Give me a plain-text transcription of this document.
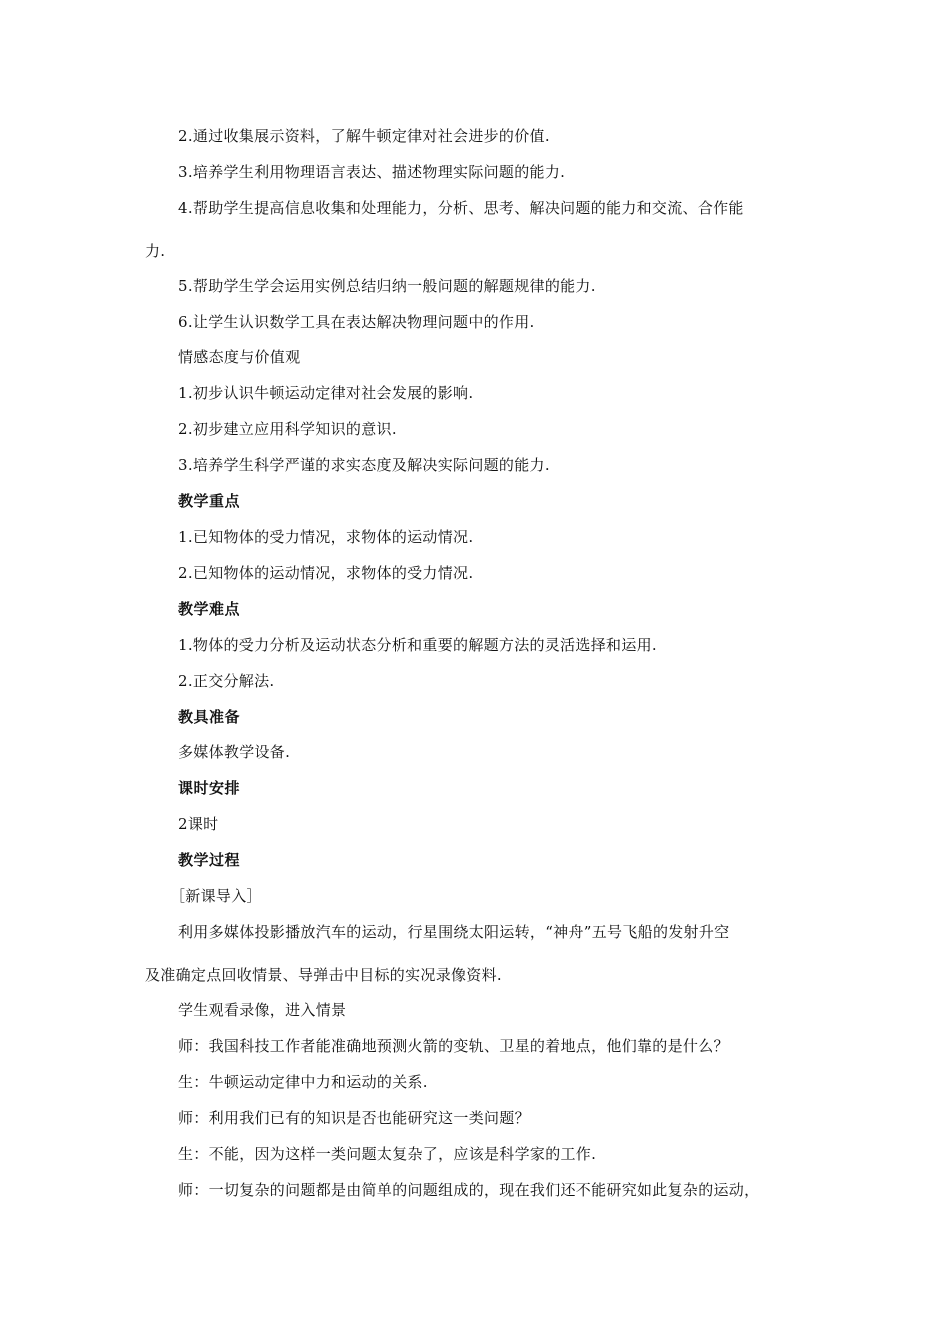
2.通过收集展示资料，了解牛顿定律对社会进步的价值.
3.培养学生利用物理语言表达、描述物理实际问题的能力.
4.帮助学生提高信息收集和处理能力，分析、思考、解决问题的能力和交流、合作能
力.
5.帮助学生学会运用实例总结归纳一般问题的解题规律的能力.
6.让学生认识数学工具在表达解决物理问题中的作用.
情感态度与价值观
1.初步认识牛顿运动定律对社会发展的影响.
2.初步建立应用科学知识的意识.
3.培养学生科学严谨的求实态度及解决实际问题的能力.
教学重点
1.已知物体的受力情况，求物体的运动情况.
2.已知物体的运动情况，求物体的受力情况.
教学难点
1.物体的受力分析及运动状态分析和重要的解题方法的灵活选择和运用.
2.正交分解法.
教具准备
多媒体教学设备.
课时安排
2课时
教学过程
［新课导入］
利用多媒体投影播放汽车的运动，行星围绕太阳运转，“神舟”五号飞船的发射升空
及准确定点回收情景、导弹击中目标的实况录像资料.
学生观看录像，进入情景
师：我国科技工作者能准确地预测火箭的变轨、卫星的着地点，他们靠的是什么？
生：牛顿运动定律中力和运动的关系.
师：利用我们已有的知识是否也能研究这一类问题？
生：不能，因为这样一类问题太复杂了，应该是科学家的工作.
师：一切复杂的问题都是由简单的问题组成的，现在我们还不能研究如此复杂的运动，
